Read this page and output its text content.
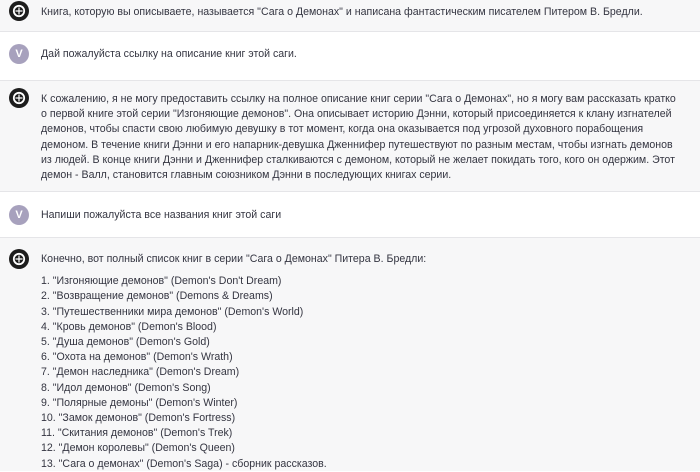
Книга, которую вы описываете, называется "Сага о Демонах" и написана фантастическим писателем Питером В. Бредли.
V	Дай пожалуйста ссылку на описание книг этой саги.
К сожалению, я не могу предоставить ссылку на полное описание книг серии "Сага о Демонах", но я могу вам рассказать кратко о первой книге этой серии "Изгоняющие демонов". Она описывает историю Дэнни, который присоединяется к клану изгнателей демонов, чтобы спасти свою любимую девушку в тот момент, когда она оказывается под угрозой духовного порабощения демоном. В течение книги Дэнни и его напарник-девушка Дженнифер путешествуют по разным местам, чтобы изгнать демонов из людей. В конце книги Дэнни и Дженнифер сталкиваются с демоном, который не желает покидать того, кого он одержим. Этот демон - Валл, становится главным союзником Дэнни в последующих книгах серии.
V	Напиши пожалуйста все названия книг этой саги
Конечно, вот полный список книг в серии "Сага о Демонах" Питера В. Бредли:
1. "Изгоняющие демонов" (Demon's Don't Dream)
2. "Возвращение демонов" (Demons & Dreams)
3. "Путешественники мира демонов" (Demon's World)
4. "Кровь демонов" (Demon's Blood)
5. "Душа демонов" (Demon's Gold)
6. "Охота на демонов" (Demon's Wrath)
7. "Демон наследника" (Demon's Dream)
8. "Идол демонов" (Demon's Song)
9. "Полярные демоны" (Demon's Winter)
10. "Замок демонов" (Demon's Fortress)
11. "Скитания демонов" (Demon's Trek)
12. "Демон королевы" (Demon's Queen)
13. "Сага о демонах" (Demon's Saga) - сборник рассказов.
